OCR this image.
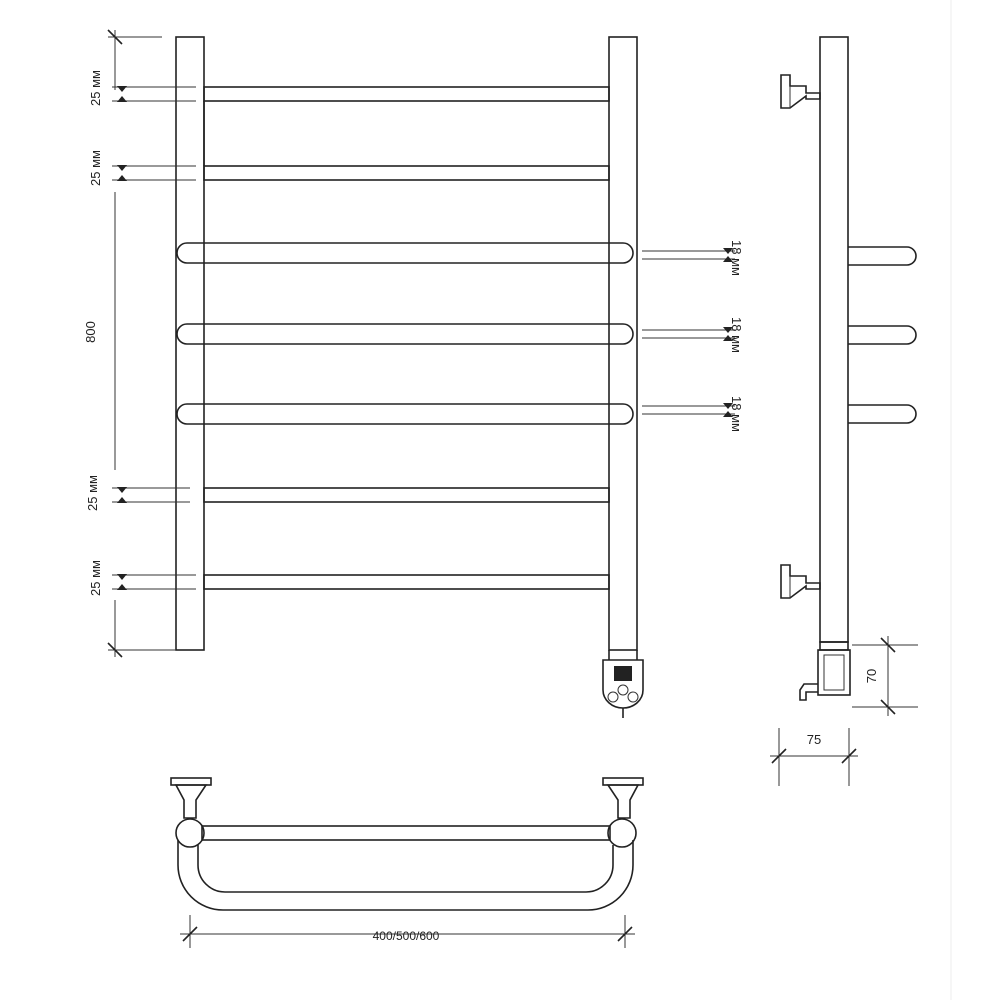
800
25 мм
25 мм
25 мм
25 мм
18 мм
18 мм
18 мм
70
75
400/500/600
